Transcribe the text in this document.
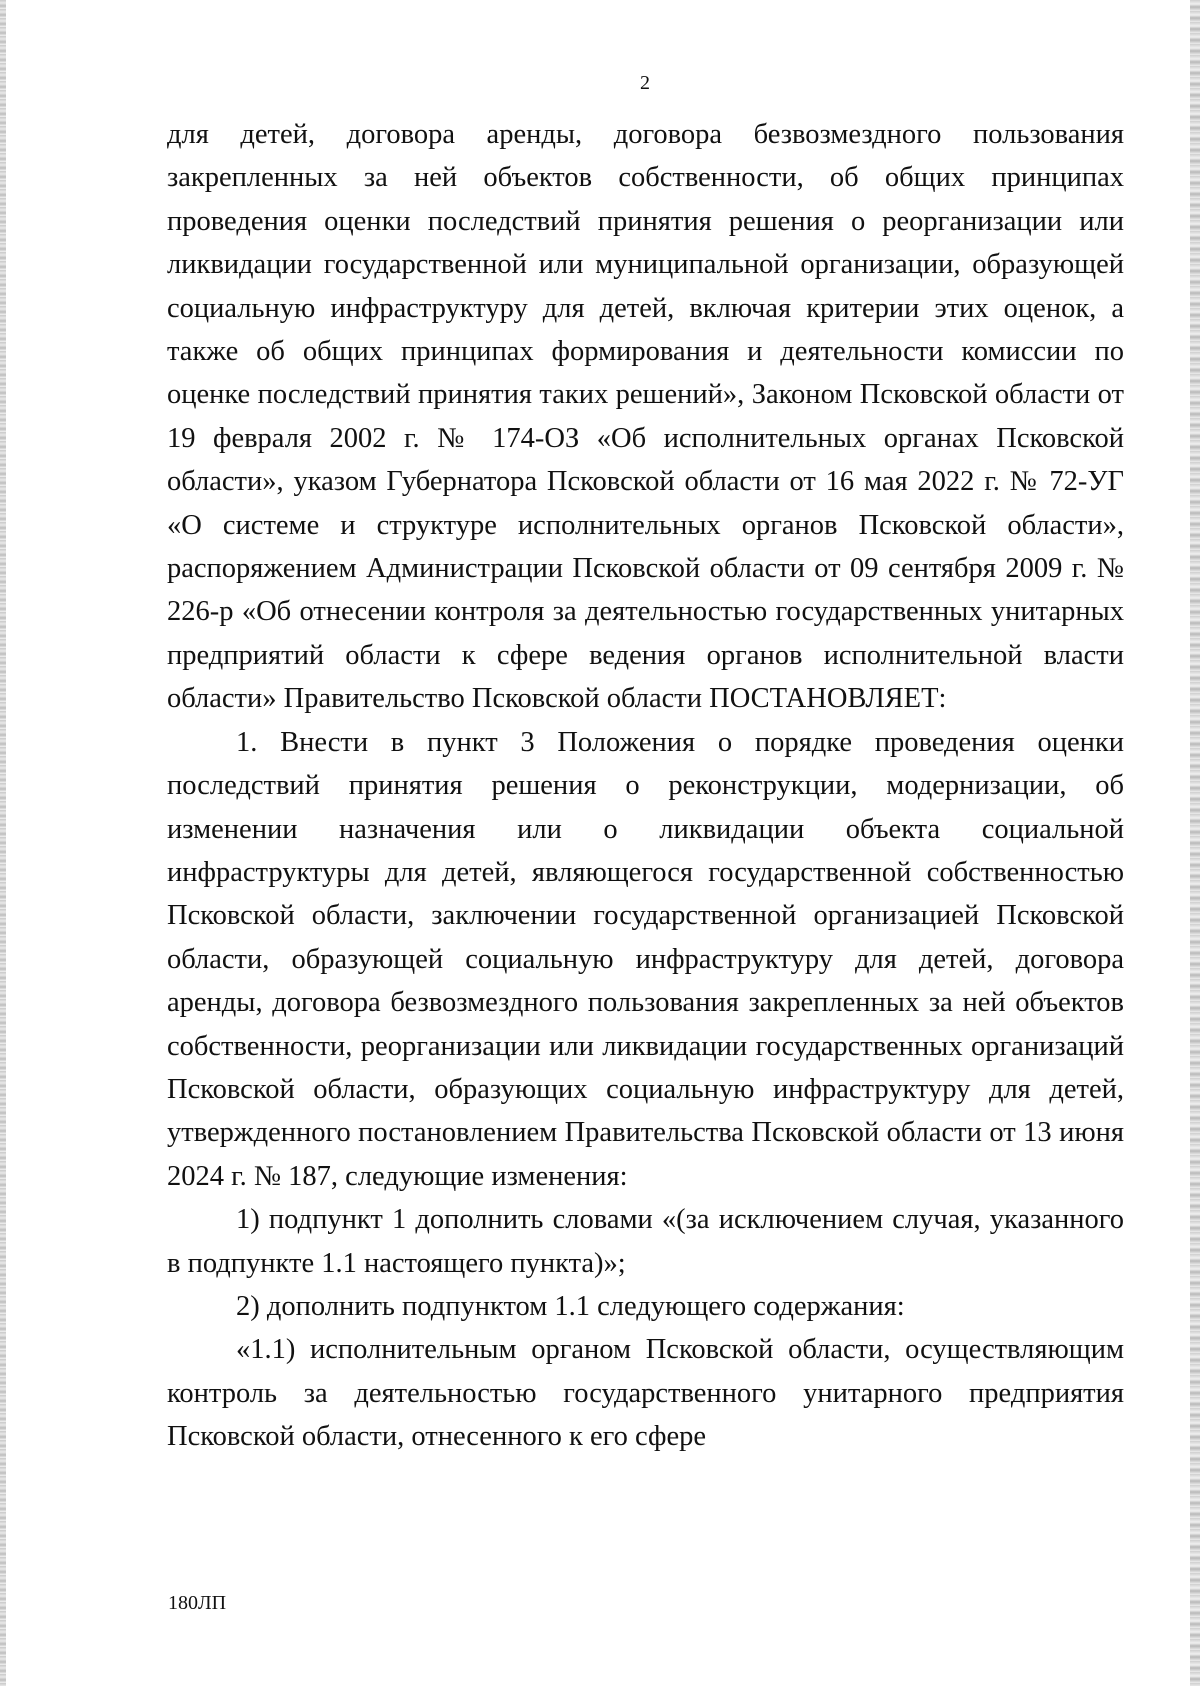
2

для детей, договора аренды, договора безвозмездного пользования закрепленных за ней объектов собственности, об общих принципах проведения оценки последствий принятия решения о реорганизации или ликвидации государственной или муниципальной организации, образующей социальную инфраструктуру для детей, включая критерии этих оценок, а также об общих принципах формирования и деятельности комиссии по оценке последствий принятия таких решений», Законом Псковской области от 19 февраля 2002 г. № 174-ОЗ «Об исполнительных органах Псковской области», указом Губернатора Псковской области от 16 мая 2022 г. № 72-УГ «О системе и структуре исполнительных органов Псковской области», распоряжением Администрации Псковской области от 09 сентября 2009 г. № 226-р «Об отнесении контроля за деятельностью государственных унитарных предприятий области к сфере ведения органов исполнительной власти области» Правительство Псковской области ПОСТАНОВЛЯЕТ:

1. Внести в пункт 3 Положения о порядке проведения оценки последствий принятия решения о реконструкции, модернизации, об изменении назначения или о ликвидации объекта социальной инфраструктуры для детей, являющегося государственной собственностью Псковской области, заключении государственной организацией Псковской области, образующей социальную инфраструктуру для детей, договора аренды, договора безвозмездного пользования закрепленных за ней объектов собственности, реорганизации или ликвидации государственных организаций Псковской области, образующих социальную инфраструктуру для детей, утвержденного постановлением Правительства Псковской области от 13 июня 2024 г. № 187, следующие изменения:

1) подпункт 1 дополнить словами «(за исключением случая, указанного в подпункте 1.1 настоящего пункта)»;

2) дополнить подпунктом 1.1 следующего содержания:

«1.1) исполнительным органом Псковской области, осуществляющим контроль за деятельностью государственного унитарного предприятия Псковской области, отнесенного к его сфере

180ЛП
